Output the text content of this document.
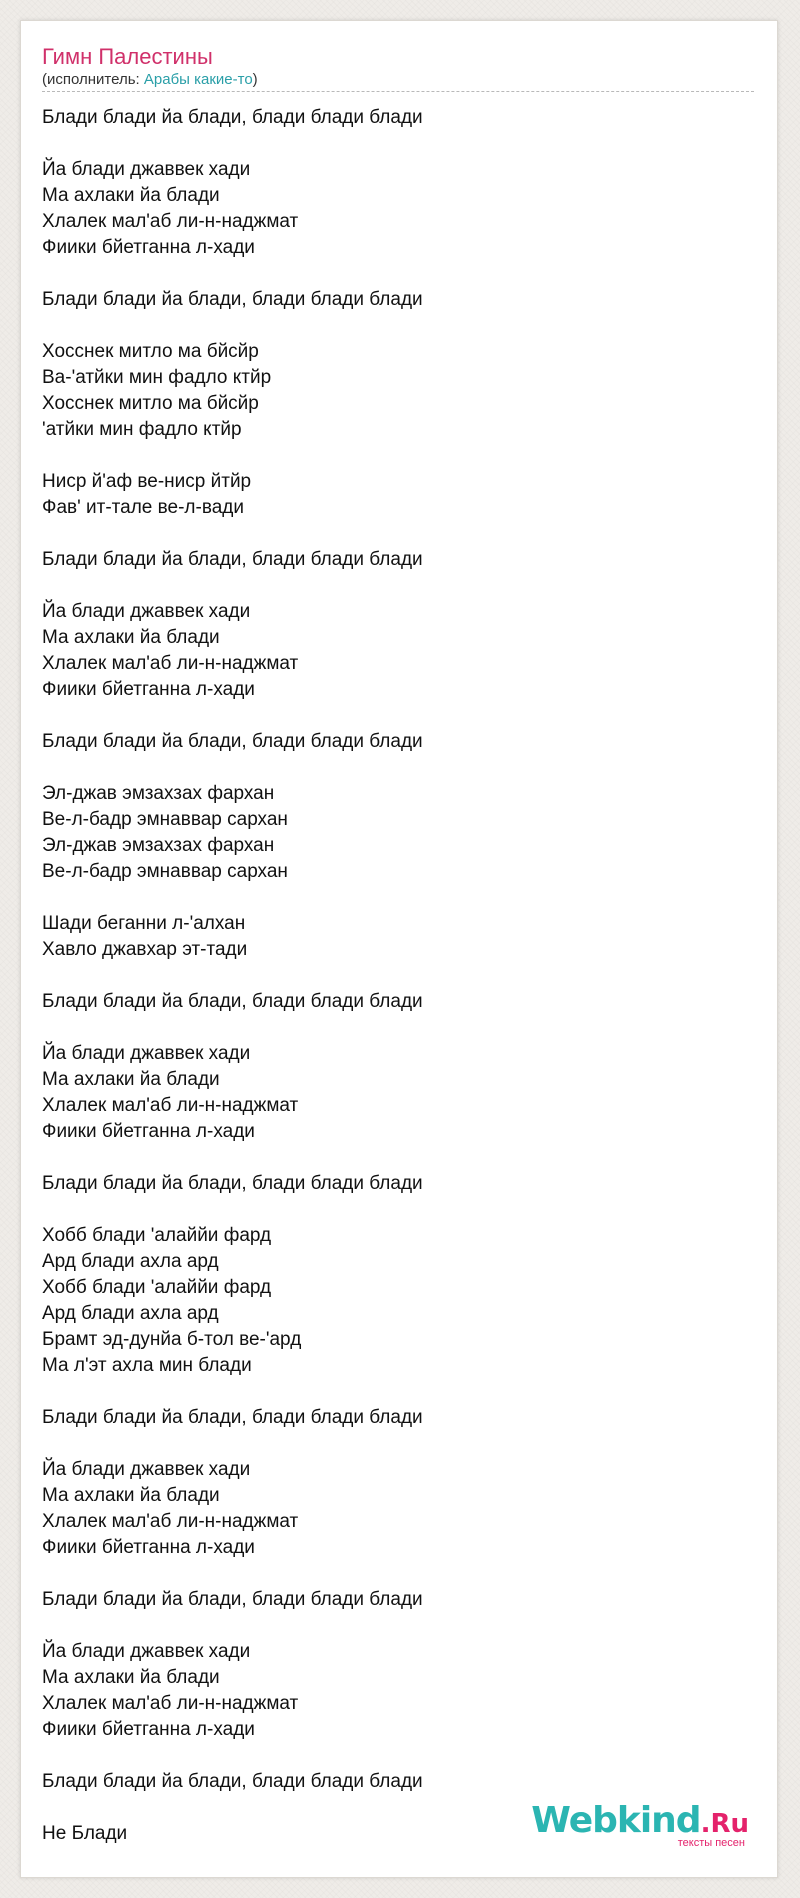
Гимн Палестины

(исполнитель: Арабы какие-то)

Блади блади йа блади, блади блади блади
Йа блади джаввек хади
Ма ахлаки йа блади
Хлалек мал'аб ли-н-наджмат
Фиики бйетганна л-хади
Блади блади йа блади, блади блади блади
Хосснек митло ма бйсйр
Ва-'атйки мин фадло ктйр
Хосснек митло ма бйсйр
'атйки мин фадло ктйр
Ниср й'аф ве-ниср йтйр
Фав' ит-тале ве-л-вади
Блади блади йа блади, блади блади блади
Йа блади джаввек хади
Ма ахлаки йа блади
Хлалек мал'аб ли-н-наджмат
Фиики бйетганна л-хади
Блади блади йа блади, блади блади блади
Эл-джав эмзахзах фархан
Ве-л-бадр эмнаввар сархан
Эл-джав эмзахзах фархан
Ве-л-бадр эмнаввар сархан
Шади беганни л-'алхан
Хавло джавхар эт-тади
Блади блади йа блади, блади блади блади
Йа блади джаввек хади
Ма ахлаки йа блади
Хлалек мал'аб ли-н-наджмат
Фиики бйетганна л-хади
Блади блади йа блади, блади блади блади
Хобб блади 'алаййи фард
Ард блади ахла ард
Хобб блади 'алаййи фард
Ард блади ахла ард
Брамт эд-дунйа б-тол ве-'ард
Ма л'эт ахла мин блади
Блади блади йа блади, блади блади блади
Йа блади джаввек хади
Ма ахлаки йа блади
Хлалек мал'аб ли-н-наджмат
Фиики бйетганна л-хади
Блади блади йа блади, блади блади блади
Йа блади джаввек хади
Ма ахлаки йа блади
Хлалек мал'аб ли-н-наджмат
Фиики бйетганна л-хади
Блади блади йа блади, блади блади блади
Не Блади	Webkind.Ru
тексты песен
